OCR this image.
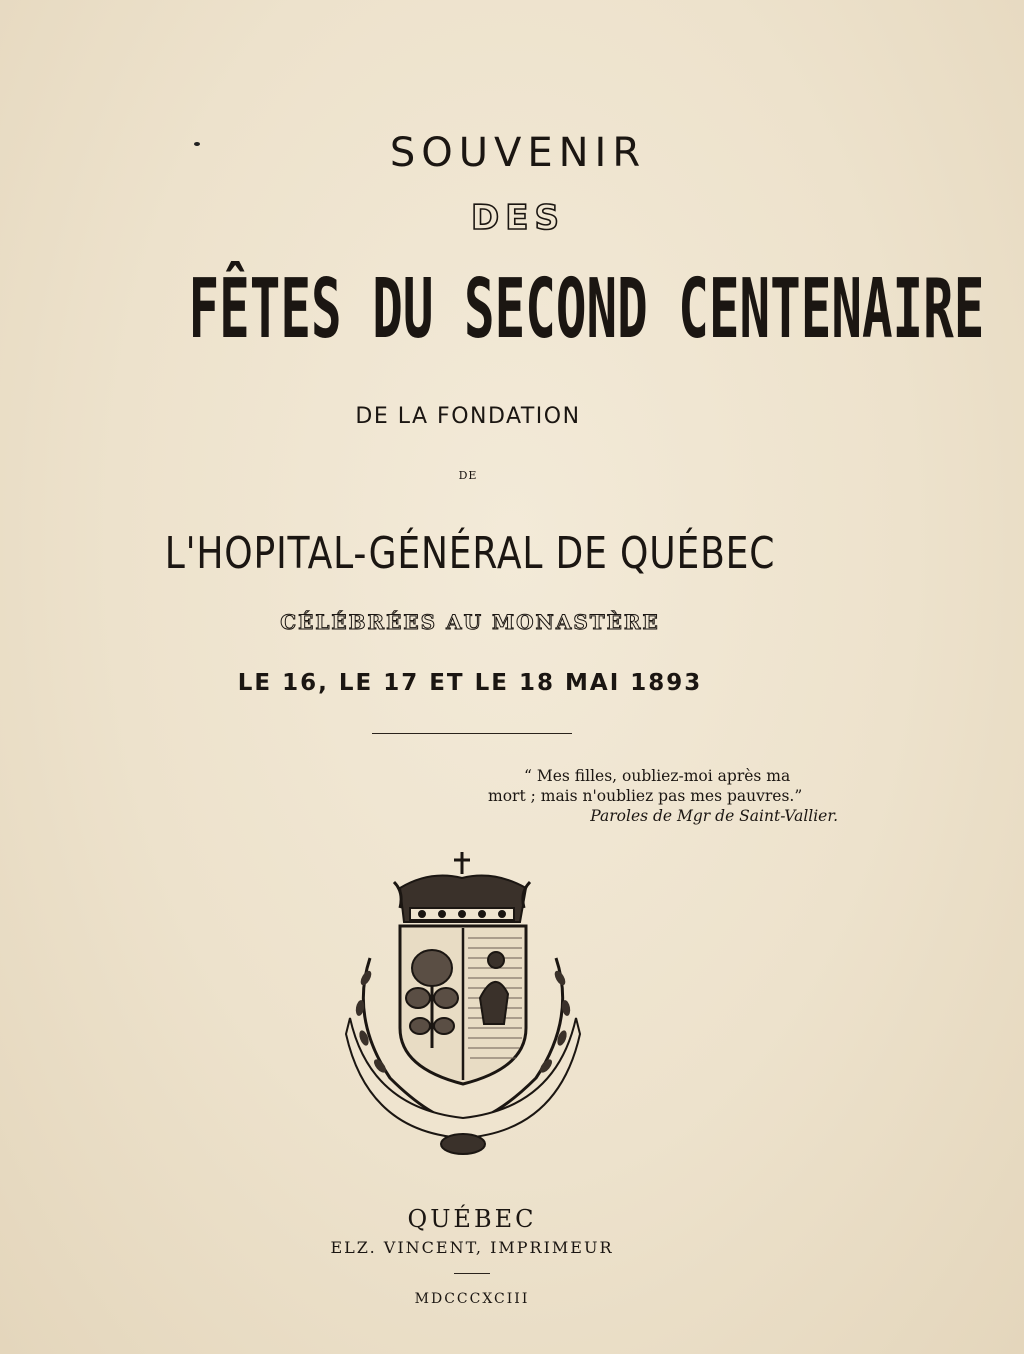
SOUVENIR
DES
FÊTES DU SECOND CENTENAIRE
DE LA FONDATION
DE
L'HOPITAL-GÉNÉRAL DE QUÉBEC
CÉLÉBRÉES AU MONASTÈRE
LE 16, LE 17 ET LE 18 MAI 1893
“ Mes filles, oubliez-moi après ma
mort ; mais n'oubliez pas mes pauvres.”
Paroles de Mgr de Saint-Vallier.
QUÉBEC
ELZ. VINCENT, IMPRIMEUR
MDCCCXCIII
